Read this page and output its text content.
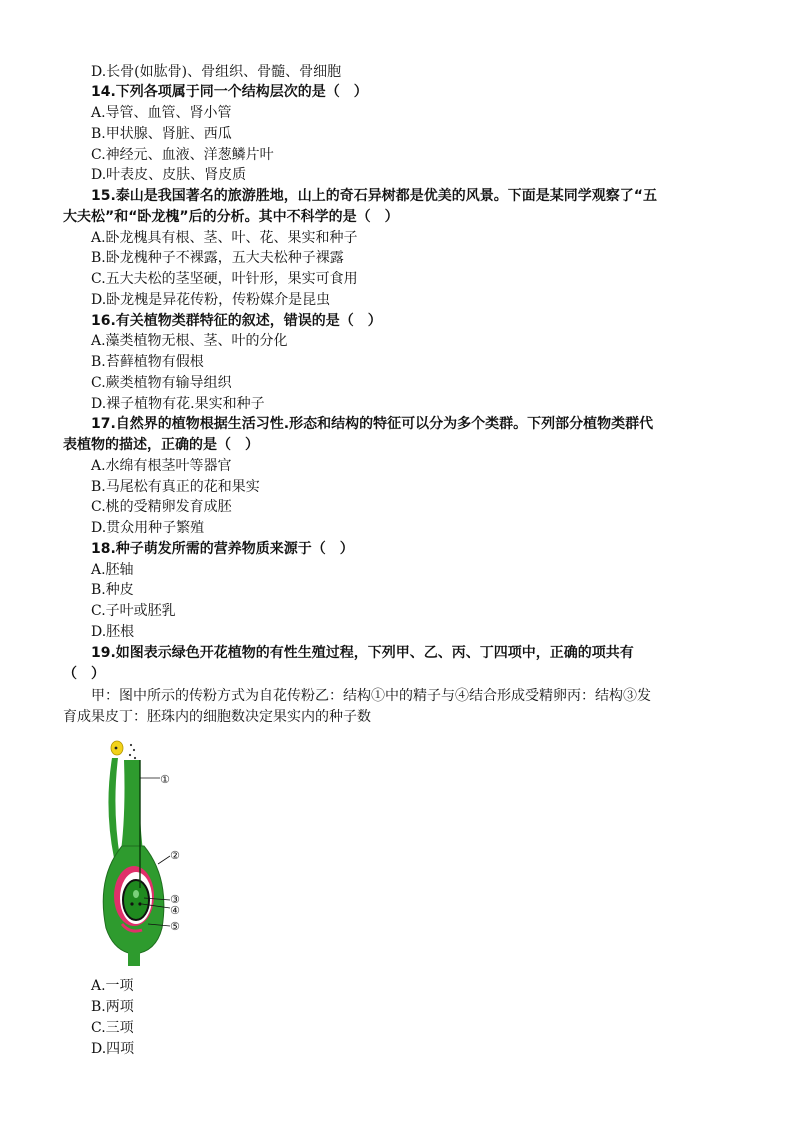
D.长骨(如肱骨)、骨组织、骨髓、骨细胞
14.下列各项属于同一个结构层次的是（　）
A.导管、血管、肾小管
B.甲状腺、肾脏、西瓜
C.神经元、血液、洋葱鳞片叶
D.叶表皮、皮肤、肾皮质
15.泰山是我国著名的旅游胜地，山上的奇石异树都是优美的风景。下面是某同学观察了“五
大夫松”和“卧龙槐”后的分析。其中不科学的是（　）
A.卧龙槐具有根、茎、叶、花、果实和种子
B.卧龙槐种子不裸露，五大夫松种子裸露
C.五大夫松的茎坚硬，叶针形，果实可食用
D.卧龙槐是异花传粉，传粉媒介是昆虫
16.有关植物类群特征的叙述，错误的是（　）
A.藻类植物无根、茎、叶的分化
B.苔藓植物有假根
C.蕨类植物有输导组织
D.裸子植物有花.果实和种子
17.自然界的植物根据生活习性.形态和结构的特征可以分为多个类群。下列部分植物类群代
表植物的描述，正确的是（　）
A.水绵有根茎叶等器官
B.马尾松有真正的花和果实
C.桃的受精卵发育成胚
D.贯众用种子繁殖
18.种子萌发所需的营养物质来源于（　）
A.胚轴
B.种皮
C.子叶或胚乳
D.胚根
19.如图表示绿色开花植物的有性生殖过程，下列甲、乙、丙、丁四项中，正确的项共有
（　）
甲：图中所示的传粉方式为自花传粉乙：结构①中的精子与④结合形成受精卵丙：结构③发
育成果皮丁：胚珠内的细胞数决定果实内的种子数
①
②
③
④
⑤
A.一项
B.两项
C.三项
D.四项
